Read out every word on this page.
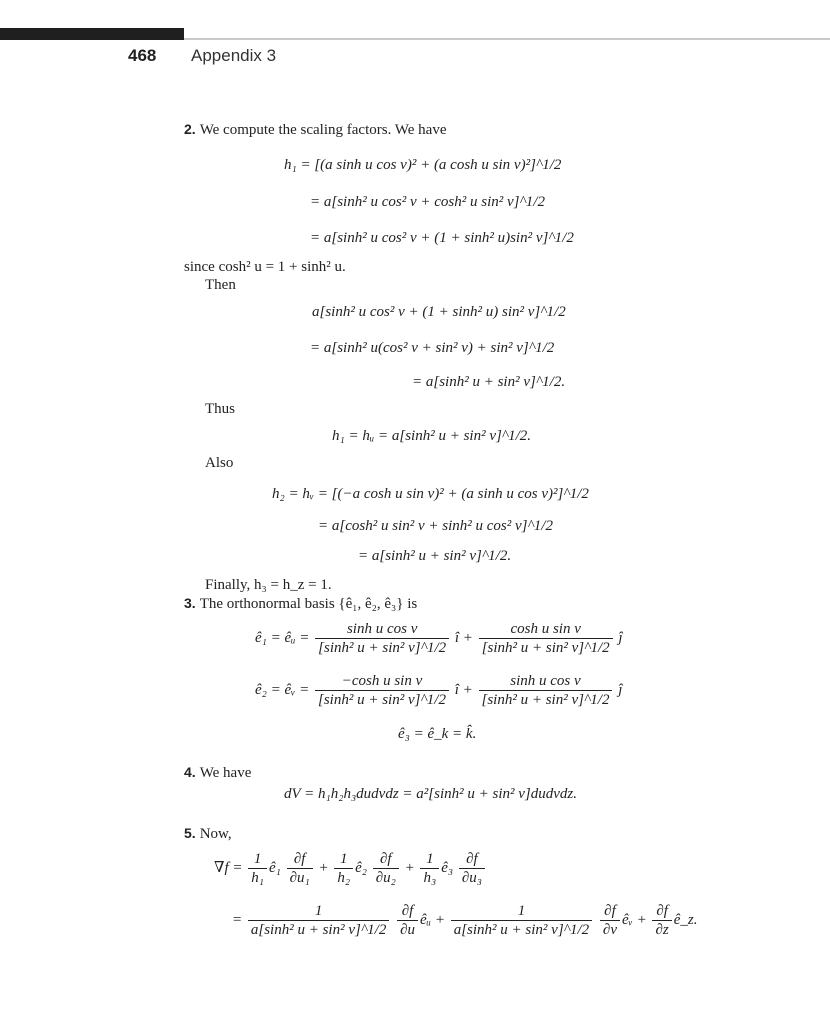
468 Appendix 3
2. We compute the scaling factors. We have
h₁ = [(a sinh u cos v)² + (a cosh u sin v)²]^1/2
= a[sinh² u cos² v + cosh² u sin² v]^1/2
= a[sinh² u cos² v + (1 + sinh² u)sin² v]^1/2
since cosh² u = 1 + sinh² u.
Then
a[sinh² u cos² v + (1 + sinh² u) sin² v]^1/2
= a[sinh² u(cos² v + sin² v) + sin² v]^1/2
= a[sinh² u + sin² v]^1/2.
Thus
h₁ = hᵤ = a[sinh² u + sin² v]^1/2.
Also
h₂ = hᵥ = [(−a cosh u sin v)² + (a sinh u cos v)²]^1/2
= a[cosh² u sin² v + sinh² u cos² v]^1/2
= a[sinh² u + sin² v]^1/2.
Finally, h₃ = h_z = 1.
3. The orthonormal basis {ê₁, ê₂, ê₃} is
ê₁ = êᵤ = $\frac{\text{sinh u cos v}}{\text{[sinh² u + sin² v]\textasciicircum{}1/2}}$ î + $\frac{\text{cosh u sin v}}{\text{[sinh² u + sin² v]\textasciicircum{}1/2}}$ ĵ
ê₂ = êᵥ = $\frac{\text{−cosh u sin v}}{\text{[sinh² u + sin² v]\textasciicircum{}1/2}}$ î + $\frac{\text{sinh u cos v}}{\text{[sinh² u + sin² v]\textasciicircum{}1/2}}$ ĵ
ê₃ = ê_k = k̂.
4. We have
dV = h₁h₂h₃dudvdz = a²[sinh² u + sin² v]dudvdz.
5. Now,
$\nabla f = \frac{1}{\text{h₁}}$ ê₁ $\frac{\partial f}{\text{∂u₁}} + \frac{1}{\text{h₂}}$ ê₂ $\frac{\partial f}{\text{∂u₂}} + \frac{1}{\text{h₃}}$ ê₃ $\frac{\partial f}{\text{∂u₃}}$
= $\frac{1}{\text{a[sinh² u + sin² v]\textasciicircum{}1/2}}$
$\frac{\partial f}{\partial u}$ êᵤ + $\frac{1}{\text{a[sinh² u + sin² v]\textasciicircum{}1/2}}$
$\frac{\partial f}{\partial v}$ êᵥ + $\frac{\partial f}{\partial z}$ ê_z.
